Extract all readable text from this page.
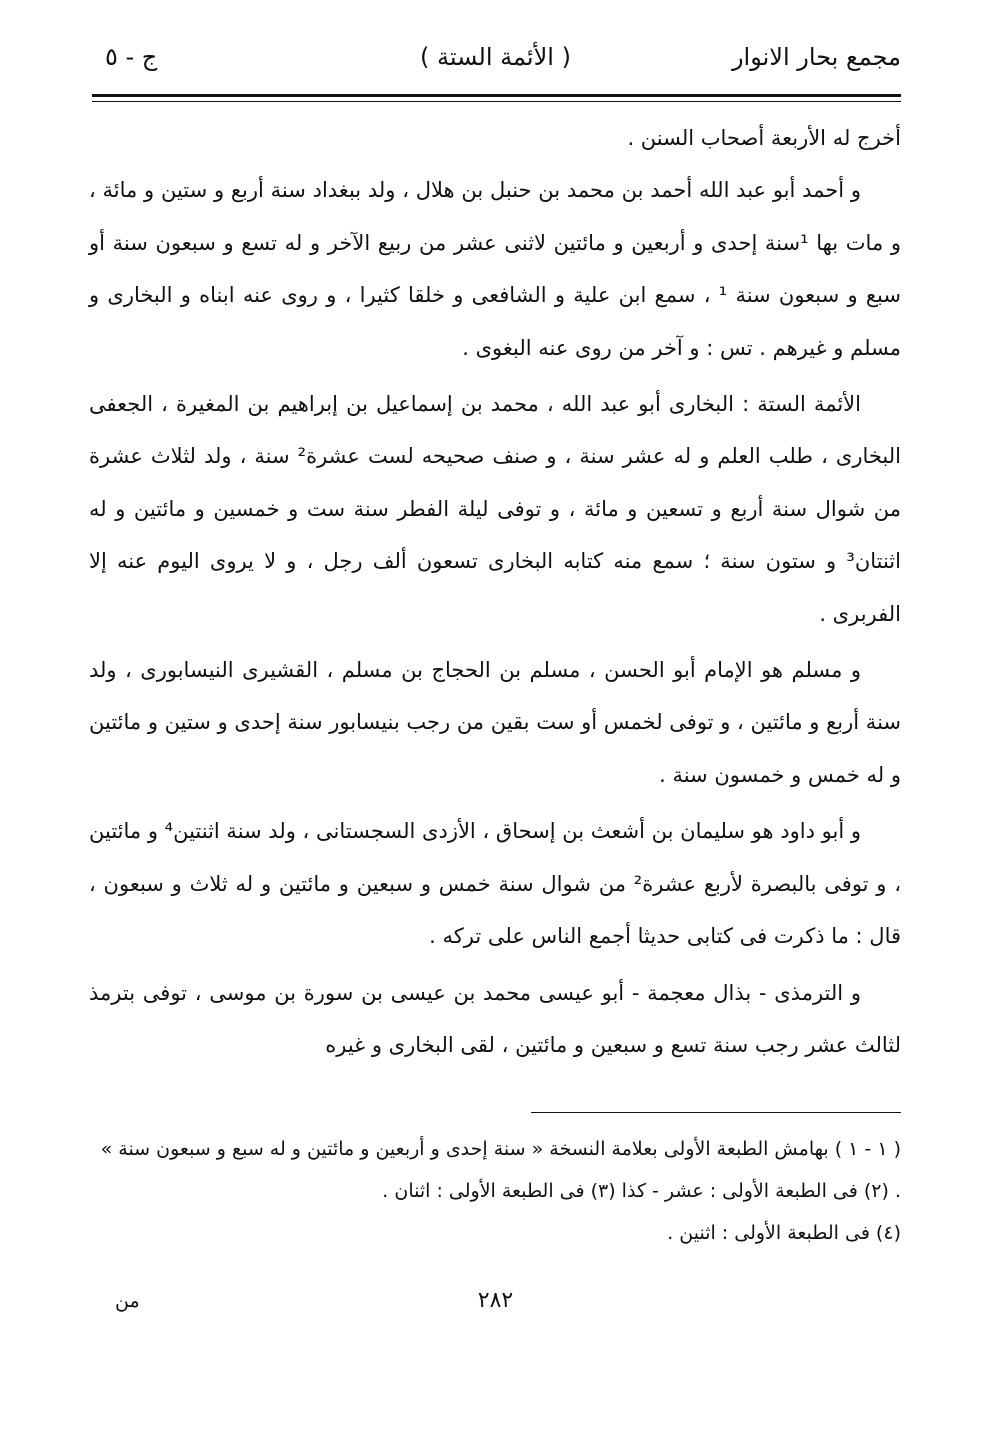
مجمع بحار الانوار
( الأئمة الستة )
ج - ٥

أخرج له الأربعة أصحاب السنن .

و أحمد أبو عبد الله أحمد بن محمد بن حنبل بن هلال ، ولد ببغداد سنة أربع و ستين و مائة ، و مات بها ¹سنة إحدى و أربعين و مائتين لاثنى عشر من ربيع الآخر و له تسع و سبعون سنة أو سبع و سبعون سنة ¹ ، سمع ابن علية و الشافعى و خلقا كثيرا ، و روى عنه ابناه و البخارى و مسلم و غيرهم . تس : و آخر من روى عنه البغوى .

الأئمة الستة : البخارى أبو عبد الله ، محمد بن إسماعيل بن إبراهيم بن المغيرة ، الجعفى البخارى ، طلب العلم و له عشر سنة ، و صنف صحيحه لست عشرة² سنة ، ولد لثلاث عشرة من شوال سنة أربع و تسعين و مائة ، و توفى ليلة الفطر سنة ست و خمسين و مائتين و له اثنتان³ و ستون سنة ؛ سمع منه كتابه البخارى تسعون ألف رجل ، و لا يروى اليوم عنه إلا الفربرى .

و مسلم هو الإمام أبو الحسن ، مسلم بن الحجاج بن مسلم ، القشيرى النيسابورى ، ولد سنة أربع و مائتين ، و توفى لخمس أو ست بقين من رجب بنيسابور سنة إحدى و ستين و مائتين و له خمس و خمسون سنة .

و أبو داود هو سليمان بن أشعث بن إسحاق ، الأزدى السجستانى ، ولد سنة اثنتين⁴ و مائتين ، و توفى بالبصرة لأربع عشرة² من شوال سنة خمس و سبعين و مائتين و له ثلاث و سبعون ، قال : ما ذكرت فى كتابى حديثا أجمع الناس على تركه .

و الترمذى - بذال معجمة - أبو عيسى محمد بن عيسى بن سورة بن موسى ، توفى بترمذ لثالث عشر رجب سنة تسع و سبعين و مائتين ، لقى البخارى و غيره

( ١ - ١ ) بهامش الطبعة الأولى بعلامة النسخة « سنة إحدى و أربعين و مائتين و له سبع و سبعون سنة » . (٢) فى الطبعة الأولى : عشر - كذا (٣) فى الطبعة الأولى : اثنان .

(٤) فى الطبعة الأولى : اثنين .

٢٨٢
من
